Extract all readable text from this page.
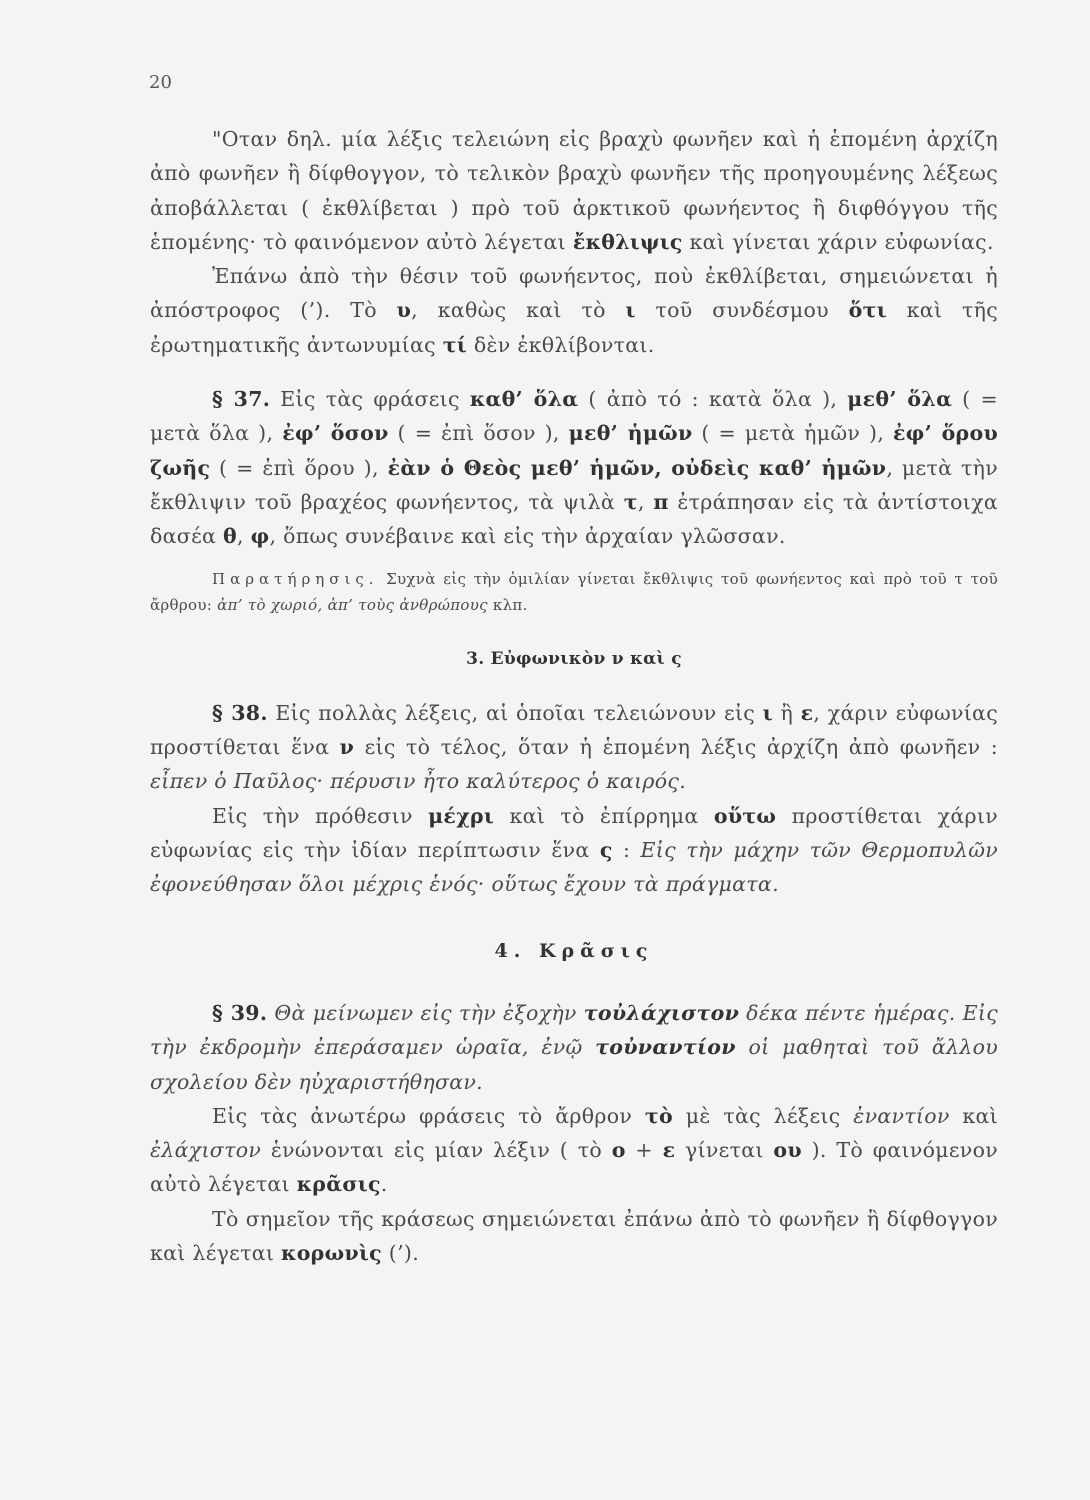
20

"Οταν δηλ. μία λέξις τελειώνη εἰς βραχὺ φωνῆεν καὶ ἡ ἑπομένη ἀρχίζη ἀπὸ φωνῆεν ἢ δίφθογγον, τὸ τελικὸν βραχὺ φωνῆεν τῆς προηγουμένης λέξεως ἀποβάλλεται ( ἐκθλίβεται ) πρὸ τοῦ ἀρκτικοῦ φωνήεντος ἢ διφθόγγου τῆς ἑπομένης· τὸ φαινόμενον αὐτὸ λέγεται ἔκθλιψις καὶ γίνεται χάριν εὐφωνίας.

Ἐπάνω ἀπὸ τὴν θέσιν τοῦ φωνήεντος, ποὺ ἐκθλίβεται, σημειώνεται ἡ ἀπόστροφος (’). Τὸ υ, καθὼς καὶ τὸ ι τοῦ συνδέσμου ὅτι καὶ τῆς ἐρωτηματικῆς ἀντωνυμίας τί δὲν ἐκθλίβονται.

§ 37. Εἰς τὰς φράσεις καθ’ ὅλα ( ἀπὸ τό : κατὰ ὅλα ), μεθ’ ὅλα ( = μετὰ ὅλα ), ἐφ’ ὅσον ( = ἐπὶ ὅσον ), μεθ’ ἡμῶν ( = μετὰ ἡμῶν ), ἐφ’ ὅρου ζωῆς ( = ἐπὶ ὅρου ), ἐὰν ὁ Θεὸς μεθ’ ἡμῶν, οὐδεὶς καθ’ ἡμῶν, μετὰ τὴν ἔκθλιψιν τοῦ βραχέος φωνήεντος, τὰ ψιλὰ τ, π ἐτράπησαν εἰς τὰ ἀντίστοιχα δασέα θ, φ, ὅπως συνέβαινε καὶ εἰς τὴν ἀρχαίαν γλῶσσαν.

Παρατήρησις. Συχνὰ εἰς τὴν ὁμιλίαν γίνεται ἔκθλιψις τοῦ φωνήεντος καὶ πρὸ τοῦ τ τοῦ ἄρθρου: ἀπ’ τὸ χωριό, ἀπ’ τοὺς ἀνθρώπους κλπ.

3. Εὐφωνικὸν ν καὶ ς

§ 38. Εἰς πολλὰς λέξεις, αἱ ὁποῖαι τελειώνουν εἰς ι ἢ ε, χάριν εὐφωνίας προστίθεται ἕνα ν εἰς τὸ τέλος, ὅταν ἡ ἑπομένη λέξις ἀρχίζη ἀπὸ φωνῆεν : εἶπεν ὁ Παῦλος· πέρυσιν ἦτο καλύτερος ὁ καιρός.

Εἰς τὴν πρόθεσιν μέχρι καὶ τὸ ἐπίρρημα οὕτω προστίθεται χάριν εὐφωνίας εἰς τὴν ἰδίαν περίπτωσιν ἕνα ς : Εἰς τὴν μάχην τῶν Θερμοπυλῶν ἐφονεύθησαν ὅλοι μέχρις ἑνός· οὕτως ἔχουν τὰ πράγματα.

4. Κρᾶσις

§ 39. Θὰ μείνωμεν εἰς τὴν ἐξοχὴν τοὐλάχιστον δέκα πέντε ἡμέρας. Εἰς τὴν ἐκδρομὴν ἐπεράσαμεν ὡραῖα, ἐνῷ τοὐναντίον οἱ μαθηταὶ τοῦ ἄλλου σχολείου δὲν ηὐχαριστήθησαν.

Εἰς τὰς ἀνωτέρω φράσεις τὸ ἄρθρον τὸ μὲ τὰς λέξεις ἐναντίον καὶ ἐλάχιστον ἑνώνονται εἰς μίαν λέξιν ( τὸ ο + ε γίνεται ου ). Τὸ φαινόμενον αὐτὸ λέγεται κρᾶσις.

Τὸ σημεῖον τῆς κράσεως σημειώνεται ἐπάνω ἀπὸ τὸ φωνῆεν ἢ δίφθογγον καὶ λέγεται κορωνὶς (’).
